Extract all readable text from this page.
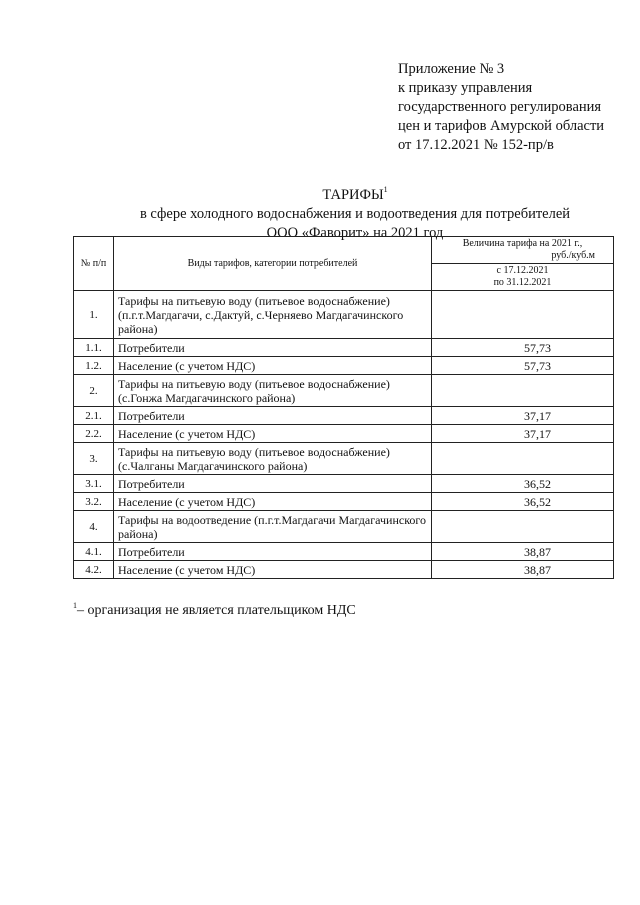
Приложение № 3
к приказу управления
государственного регулирования
цен и тарифов Амурской области
от 17.12.2021 № 152-пр/в
ТАРИФЫ$^1$
в сфере холодного водоснабжения и водоотведения для потребителей
ООО «Фаворит» на 2021 год
№ п/п	Виды тарифов, категории потребителей	Величина тарифа на 2021 г.,
руб./куб.м

		с 17.12.2021
по 31.12.2021

1.	Тарифы на питьевую воду (питьевое водоснабжение) (п.г.т.Магдагачи, с.Дактуй, с.Черняево Магдагачинского района)	
1.1.	Потребители	57,73
1.2.	Население (с учетом НДС)	57,73
2.	Тарифы на питьевую воду (питьевое водоснабжение) (с.Гонжа Магдагачинского района)	
2.1.	Потребители	37,17
2.2.	Население (с учетом НДС)	37,17
3.	Тарифы на питьевую воду (питьевое водоснабжение) (с.Чалганы Магдагачинского района)	
3.1.	Потребители	36,52
3.2.	Население (с учетом НДС)	36,52
4.	Тарифы на водоотведение (п.г.т.Магдагачи Магдагачинского района)	
4.1.	Потребители	38,87
4.2.	Население (с учетом НДС)	38,87
$^1$– организация не является плательщиком НДС
